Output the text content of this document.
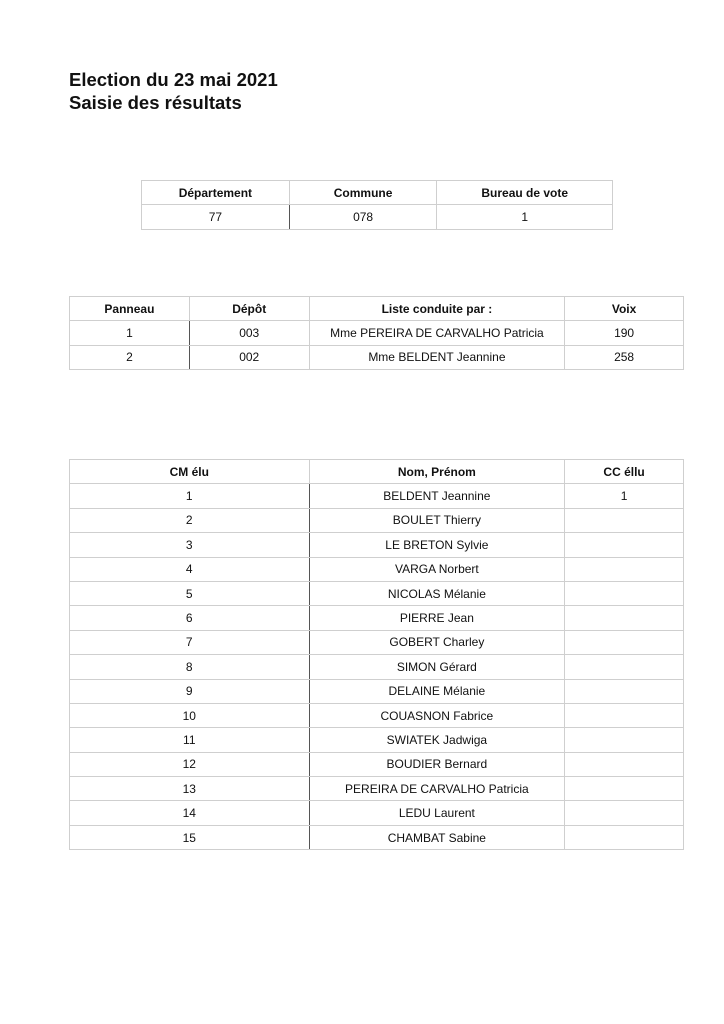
Election du 23 mai 2021
Saisie des résultats
Département	Commune	Bureau de vote
77	078	1
Panneau	Dépôt	Liste conduite par :	Voix
1	003	Mme PEREIRA DE CARVALHO Patricia	190
2	002	Mme BELDENT Jeannine	258
CM élu	Nom, Prénom	CC éllu
1	BELDENT Jeannine	1
2	BOULET Thierry	
3	LE BRETON Sylvie	
4	VARGA Norbert	
5	NICOLAS Mélanie	
6	PIERRE Jean	
7	GOBERT Charley	
8	SIMON Gérard	
9	DELAINE Mélanie	
10	COUASNON Fabrice	
11	SWIATEK Jadwiga	
12	BOUDIER Bernard	
13	PEREIRA DE CARVALHO Patricia	
14	LEDU Laurent	
15	CHAMBAT Sabine	
